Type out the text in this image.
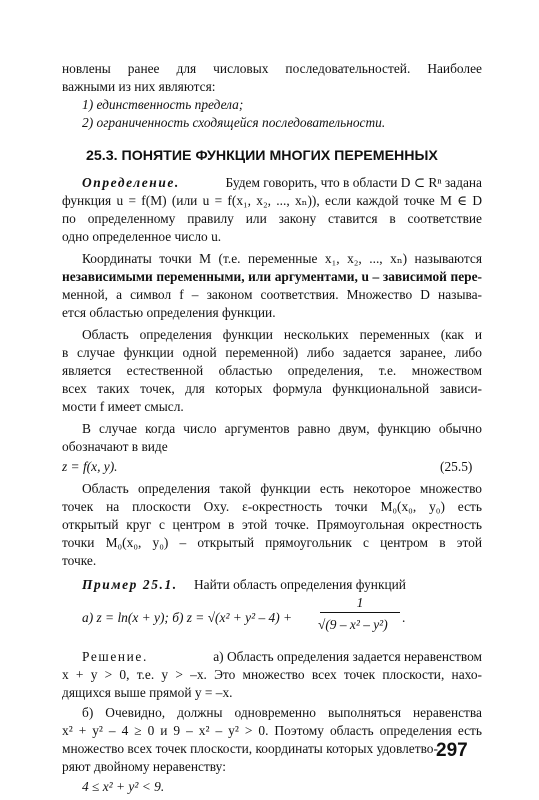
новлены ранее для числовых последовательностей. Наиболее
важными из них являются:
1) единственность предела;
2) ограниченность сходящейся последовательности.
25.3. ПОНЯТИЕ ФУНКЦИИ МНОГИХ ПЕРЕМЕННЫХ
Определение.	Будем говорить, что в области D ⊂ Rⁿ задана
функция u = f(M) (или u = f(x₁, x₂, ..., xₙ)), если каждой точке M ∈ D
по определенному правилу или закону ставится в соответствие
одно определенное число u.
Координаты точки M (т.е. переменные x₁, x₂, ..., xₙ) называются
независимыми переменными, или аргументами, u – зависимой пере-
менной, а символ f – законом соответствия. Множество D называ-
ется областью определения функции.
Область определения функции нескольких переменных (как и
в случае функции одной переменной) либо задается заранее, либо
является естественной областью определения, т.е. множеством
всех таких точек, для которых формула функциональной зависи-
мости f имеет смысл.
В случае когда число аргументов равно двум, функцию обычно
обозначают в виде
z = f(x, y).	(25.5)
Область определения такой функции есть некоторое множество
точек на плоскости Oxy. ε-окрестность точки M₀(x₀, y₀) есть
открытый круг с центром в этой точке. Прямоугольная окрестность
точки M₀(x₀, y₀) – открытый прямоугольник с центром в этой
точке.
Пример 25.1. Найти область определения функций
а) z = ln(x + y); б) z = √(x² + y² – 4) +
1
√(9 – x² – y²) .
Решение.	а) Область определения задается неравенством
x + y > 0, т.е. y > –x. Это множество всех точек плоскости, нахо-
дящихся выше прямой y = –x.
б) Очевидно, должны одновременно выполняться неравенства
x² + y² – 4 ≥ 0 и 9 – x² – y² > 0. Поэтому область определения есть
множество всех точек плоскости, координаты которых удовлетво-
ряют двойному неравенству:
4 ≤ x² + y² < 9.
297
